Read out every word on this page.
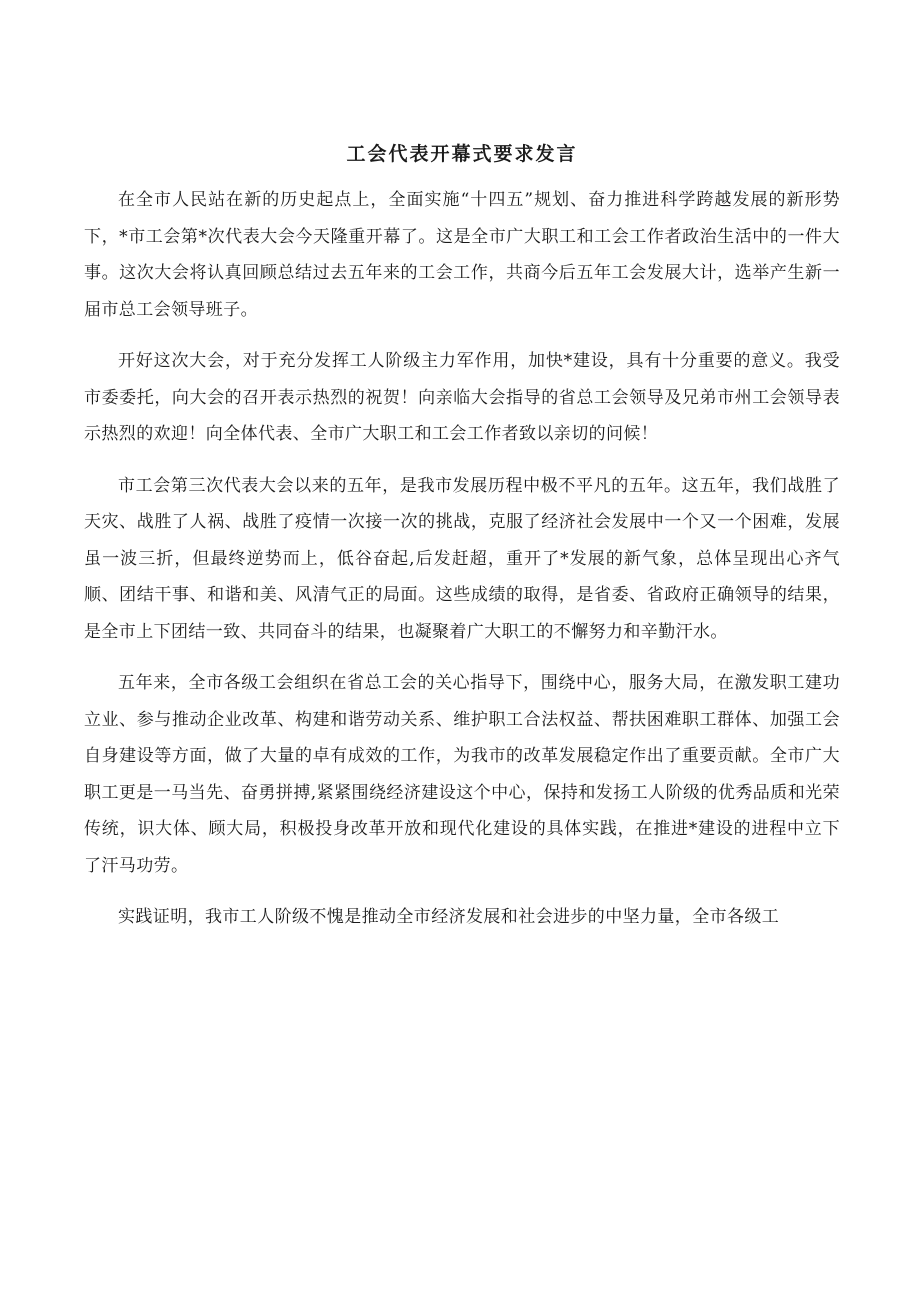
工会代表开幕式要求发言

在全市人民站在新的历史起点上，全面实施“十四五”规划、奋力推进科学跨越发展的新形势下，*市工会第*次代表大会今天隆重开幕了。这是全市广大职工和工会工作者政治生活中的一件大事。这次大会将认真回顾总结过去五年来的工会工作，共商今后五年工会发展大计，选举产生新一届市总工会领导班子。

开好这次大会，对于充分发挥工人阶级主力军作用，加快*建设，具有十分重要的意义。我受市委委托，向大会的召开表示热烈的祝贺！向亲临大会指导的省总工会领导及兄弟市州工会领导表示热烈的欢迎！向全体代表、全市广大职工和工会工作者致以亲切的问候！

市工会第三次代表大会以来的五年，是我市发展历程中极不平凡的五年。这五年，我们战胜了天灾、战胜了人祸、战胜了疫情一次接一次的挑战，克服了经济社会发展中一个又一个困难，发展虽一波三折，但最终逆势而上，低谷奋起,后发赶超，重开了*发展的新气象，总体呈现出心齐气顺、团结干事、和谐和美、风清气正的局面。这些成绩的取得，是省委、省政府正确领导的结果，是全市上下团结一致、共同奋斗的结果，也凝聚着广大职工的不懈努力和辛勤汗水。

五年来，全市各级工会组织在省总工会的关心指导下，围绕中心，服务大局，在激发职工建功立业、参与推动企业改革、构建和谐劳动关系、维护职工合法权益、帮扶困难职工群体、加强工会自身建设等方面，做了大量的卓有成效的工作，为我市的改革发展稳定作出了重要贡献。全市广大职工更是一马当先、奋勇拼搏,紧紧围绕经济建设这个中心，保持和发扬工人阶级的优秀品质和光荣传统，识大体、顾大局，积极投身改革开放和现代化建设的具体实践，在推进*建设的进程中立下了汗马功劳。

实践证明，我市工人阶级不愧是推动全市经济发展和社会进步的中坚力量，全市各级工
